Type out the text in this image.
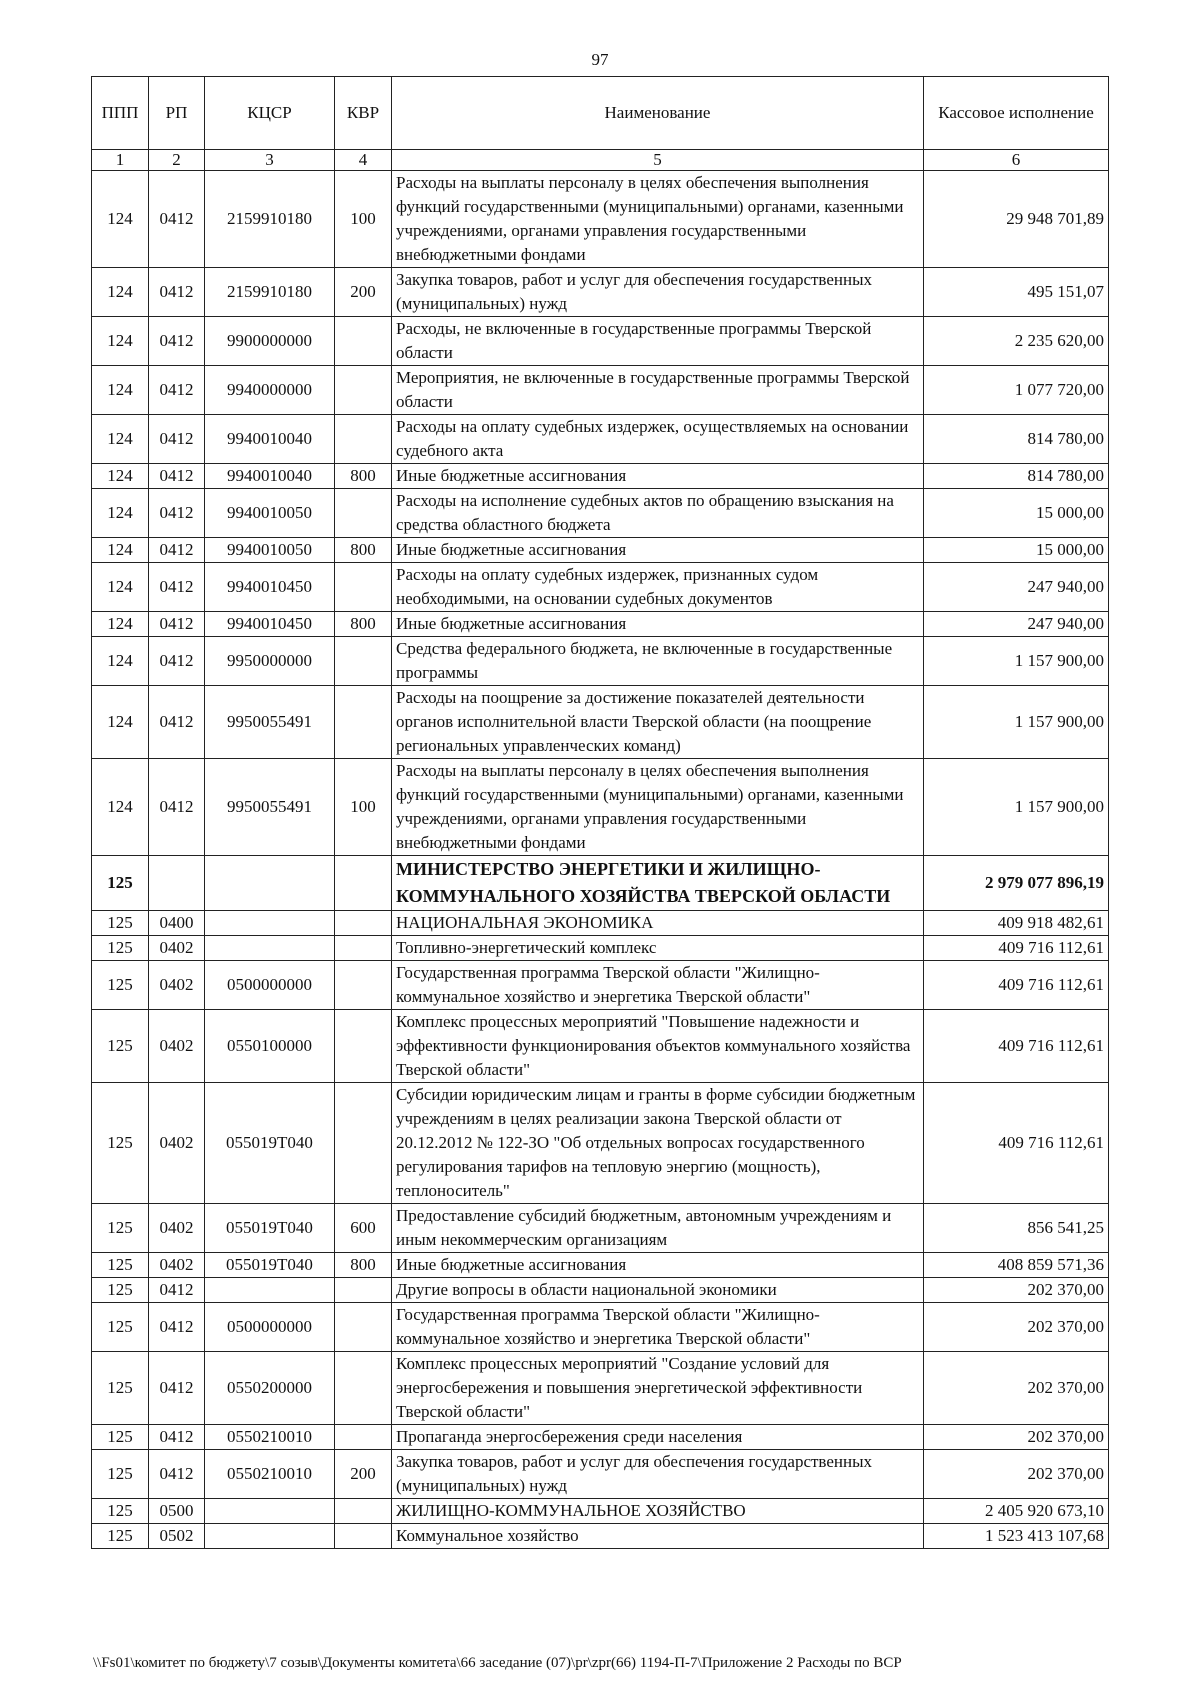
97
ППП	РП	КЦСР	КВР	Наименование	Кассовое исполнение
1	2	3	4	5	6
124	0412	2159910180	100	Расходы на выплаты персоналу в целях обеспечения выполнения функций государственными (муниципальными) органами, казенными учреждениями, органами управления государственными внебюджетными фондами	29 948 701,89
124	0412	2159910180	200	Закупка товаров, работ и услуг для обеспечения государственных (муниципальных) нужд	495 151,07
124	0412	9900000000		Расходы, не включенные в государственные программы Тверской области	2 235 620,00
124	0412	9940000000		Мероприятия, не включенные в государственные программы Тверской области	1 077 720,00
124	0412	9940010040		Расходы на оплату судебных издержек, осуществляемых на основании судебного акта	814 780,00
124	0412	9940010040	800	Иные бюджетные ассигнования	814 780,00
124	0412	9940010050		Расходы на исполнение судебных актов по обращению взыскания на средства областного бюджета	15 000,00
124	0412	9940010050	800	Иные бюджетные ассигнования	15 000,00
124	0412	9940010450		Расходы на оплату судебных издержек, признанных судом необходимыми, на основании судебных документов	247 940,00
124	0412	9940010450	800	Иные бюджетные ассигнования	247 940,00
124	0412	9950000000		Средства федерального бюджета, не включенные в государственные программы	1 157 900,00
124	0412	9950055491		Расходы на поощрение за достижение показателей деятельности органов исполнительной власти Тверской области (на поощрение региональных управленческих команд)	1 157 900,00
124	0412	9950055491	100	Расходы на выплаты персоналу в целях обеспечения выполнения функций государственными (муниципальными) органами, казенными учреждениями, органами управления государственными внебюджетными фондами	1 157 900,00
125				МИНИСТЕРСТВО ЭНЕРГЕТИКИ И ЖИЛИЩНО-КОММУНАЛЬНОГО ХОЗЯЙСТВА ТВЕРСКОЙ ОБЛАСТИ	2 979 077 896,19
125	0400			НАЦИОНАЛЬНАЯ ЭКОНОМИКА	409 918 482,61
125	0402			Топливно-энергетический комплекс	409 716 112,61
125	0402	0500000000		Государственная программа Тверской области "Жилищно-коммунальное хозяйство и энергетика Тверской области"	409 716 112,61
125	0402	0550100000		Комплекс процессных мероприятий "Повышение надежности и эффективности функционирования объектов коммунального хозяйства Тверской области"	409 716 112,61
125	0402	055019Т040		Субсидии юридическим лицам и гранты в форме субсидии бюджетным учреждениям в целях реализации закона Тверской области от 20.12.2012 № 122-ЗО "Об отдельных вопросах государственного регулирования тарифов на тепловую энергию (мощность), теплоноситель"	409 716 112,61
125	0402	055019Т040	600	Предоставление субсидий бюджетным, автономным учреждениям и иным некоммерческим организациям	856 541,25
125	0402	055019Т040	800	Иные бюджетные ассигнования	408 859 571,36
125	0412			Другие вопросы в области национальной экономики	202 370,00
125	0412	0500000000		Государственная программа Тверской области "Жилищно-коммунальное хозяйство и энергетика Тверской области"	202 370,00
125	0412	0550200000		Комплекс процессных мероприятий "Создание условий для энергосбережения и повышения энергетической эффективности Тверской области"	202 370,00
125	0412	0550210010		Пропаганда энергосбережения среди населения	202 370,00
125	0412	0550210010	200	Закупка товаров, работ и услуг для обеспечения государственных (муниципальных) нужд	202 370,00
125	0500			ЖИЛИЩНО-КОММУНАЛЬНОЕ ХОЗЯЙСТВО	2 405 920 673,10
125	0502			Коммунальное хозяйство	1 523 413 107,68
\\Fs01\комитет по бюджету\7 созыв\Документы комитета\66 заседание (07)\pr\zpr(66) 1194-П-7\Приложение 2 Расходы по ВСР
